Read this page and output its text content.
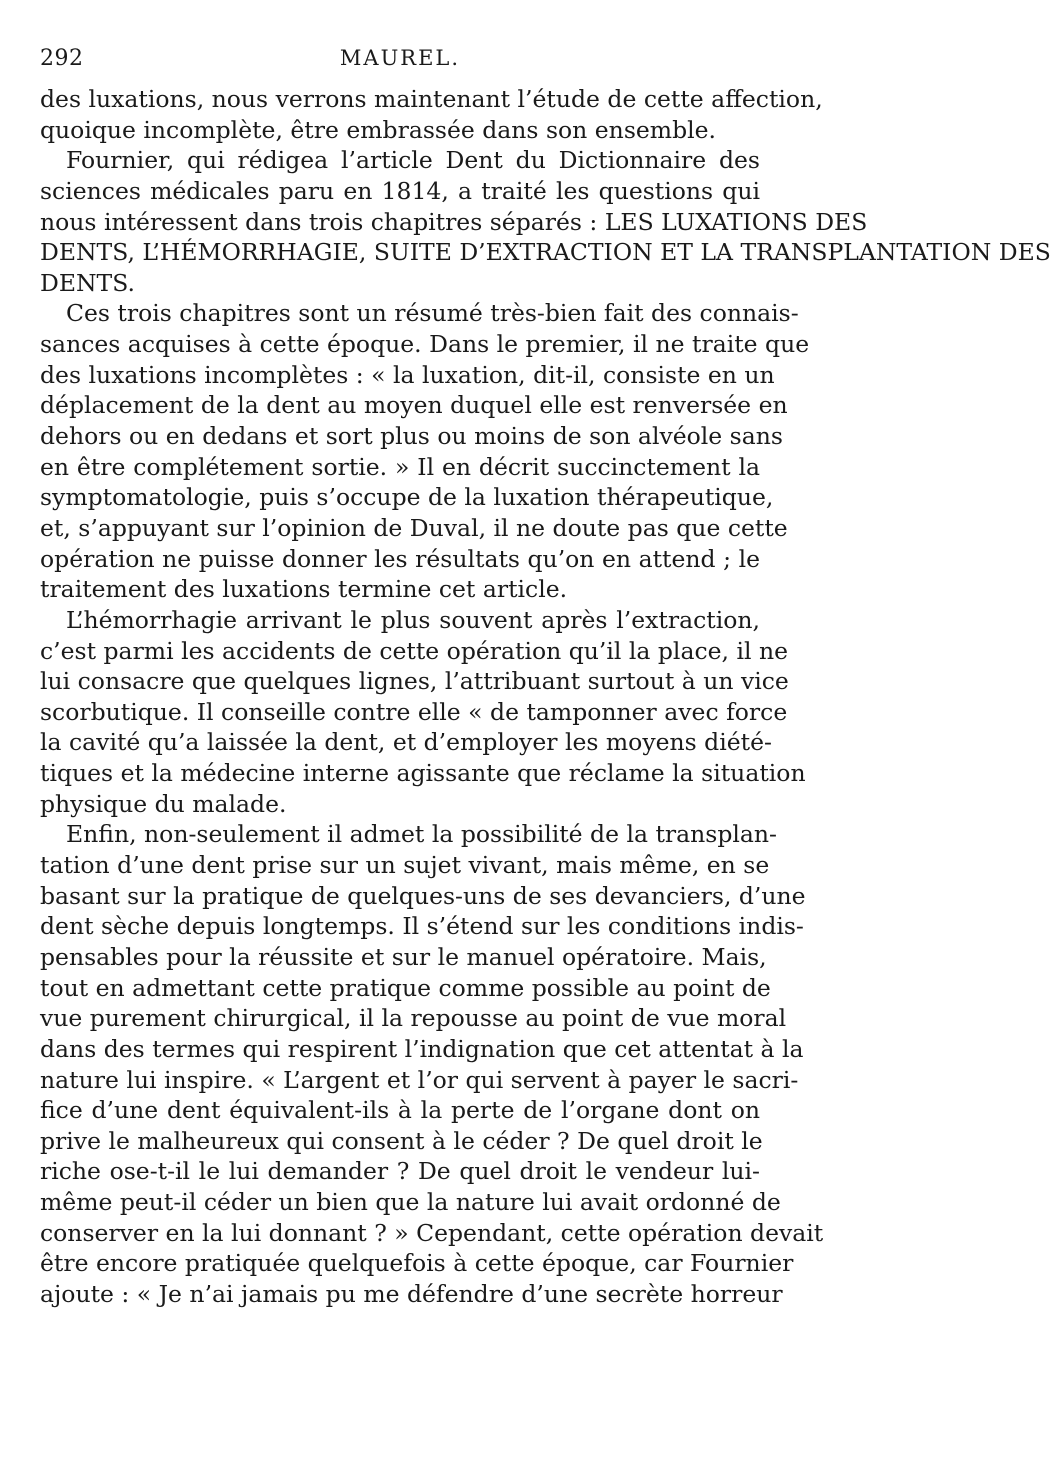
292	MAUREL.
des luxations, nous verrons maintenant l’étude de cette affection,
quoique incomplète, être embrassée dans son ensemble.
Fournier, qui rédigea l’article Dent du Dictionnaire des
sciences médicales paru en 1814, a traité les questions qui
nous intéressent dans trois chapitres séparés : LES LUXATIONS DES
DENTS, L’HÉMORRHAGIE, SUITE D’EXTRACTION ET LA TRANSPLANTATION DES
DENTS.
Ces trois chapitres sont un résumé très-bien fait des connais-
sances acquises à cette époque. Dans le premier, il ne traite que
des luxations incomplètes : « la luxation, dit-il, consiste en un
déplacement de la dent au moyen duquel elle est renversée en
dehors ou en dedans et sort plus ou moins de son alvéole sans
en être complétement sortie. » Il en décrit succinctement la
symptomatologie, puis s’occupe de la luxation thérapeutique,
et, s’appuyant sur l’opinion de Duval, il ne doute pas que cette
opération ne puisse donner les résultats qu’on en attend ; le
traitement des luxations termine cet article.
L’hémorrhagie arrivant le plus souvent après l’extraction,
c’est parmi les accidents de cette opération qu’il la place, il ne
lui consacre que quelques lignes, l’attribuant surtout à un vice
scorbutique. Il conseille contre elle « de tamponner avec force
la cavité qu’a laissée la dent, et d’employer les moyens diété-
tiques et la médecine interne agissante que réclame la situation
physique du malade.
Enfin, non-seulement il admet la possibilité de la transplan-
tation d’une dent prise sur un sujet vivant, mais même, en se
basant sur la pratique de quelques-uns de ses devanciers, d’une
dent sèche depuis longtemps. Il s’étend sur les conditions indis-
pensables pour la réussite et sur le manuel opératoire. Mais,
tout en admettant cette pratique comme possible au point de
vue purement chirurgical, il la repousse au point de vue moral
dans des termes qui respirent l’indignation que cet attentat à la
nature lui inspire. « L’argent et l’or qui servent à payer le sacri-
fice d’une dent équivalent-ils à la perte de l’organe dont on
prive le malheureux qui consent à le céder ? De quel droit le
riche ose-t-il le lui demander ? De quel droit le vendeur lui-
même peut-il céder un bien que la nature lui avait ordonné de
conserver en la lui donnant ? » Cependant, cette opération devait
être encore pratiquée quelquefois à cette époque, car Fournier
ajoute : « Je n’ai jamais pu me défendre d’une secrète horreur
